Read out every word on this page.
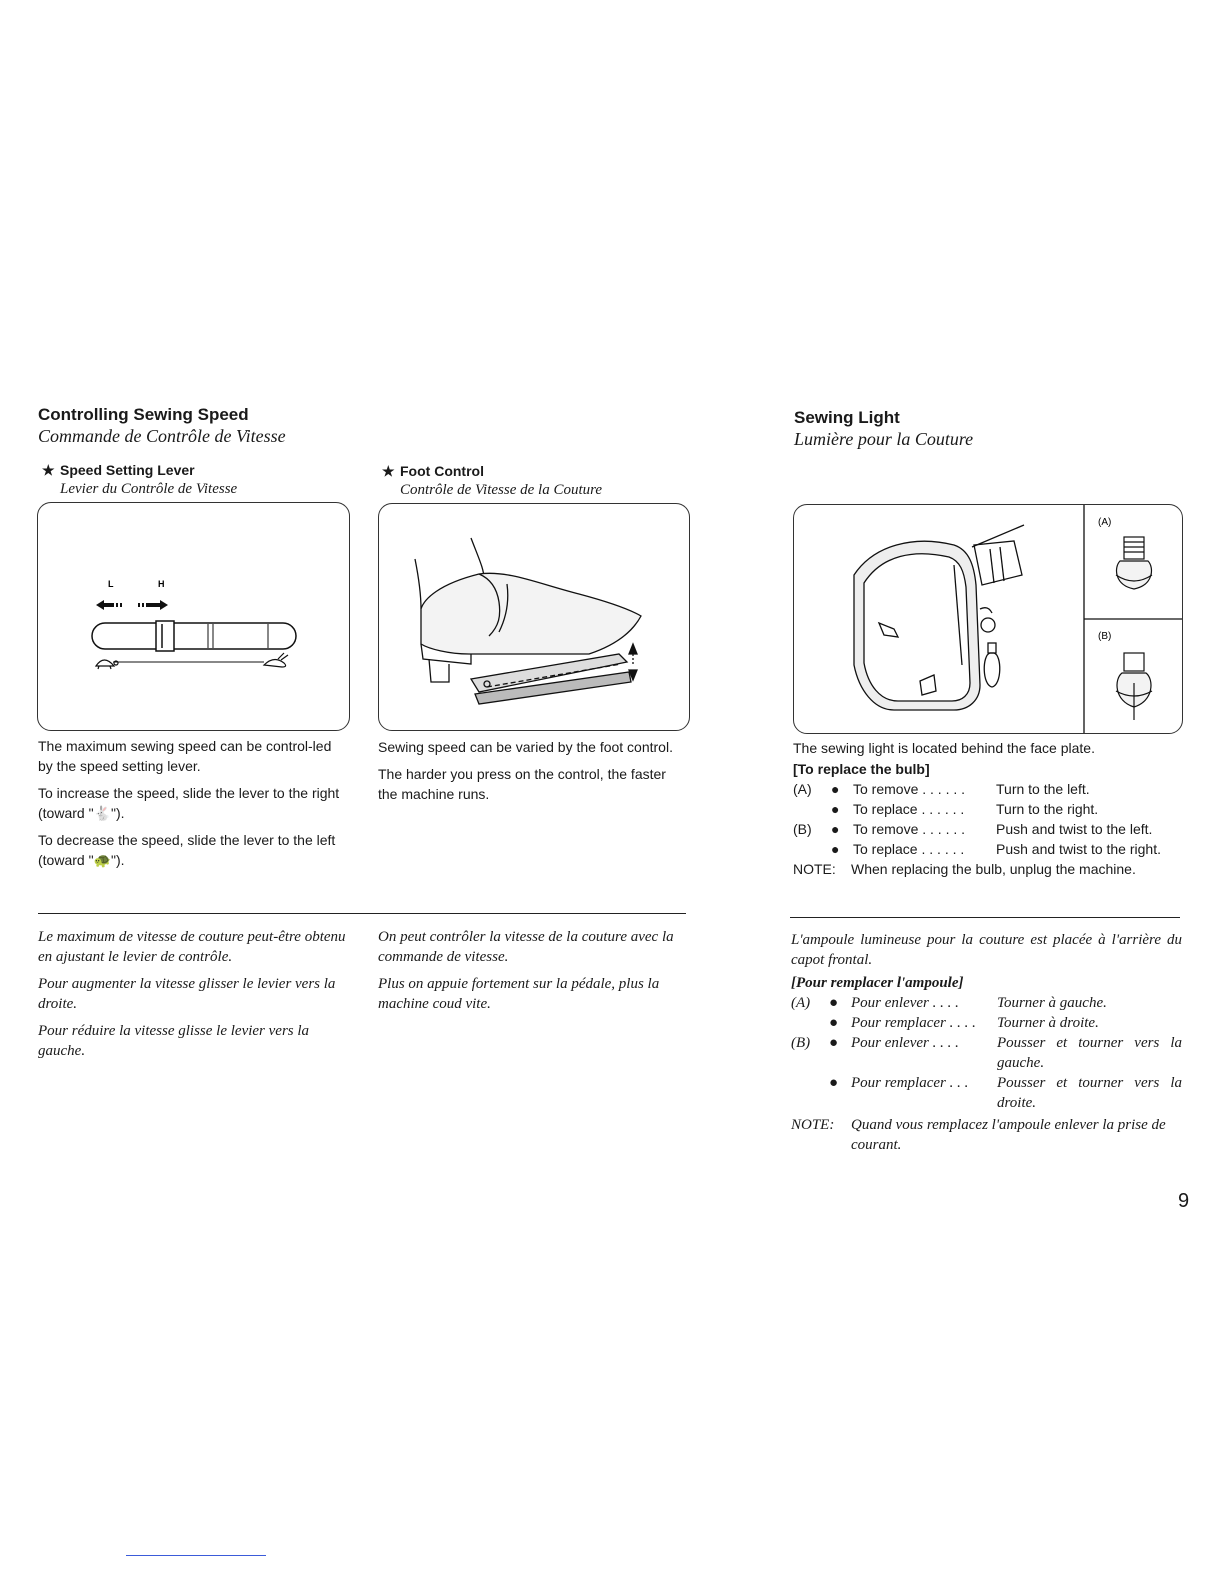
Controlling Sewing Speed
Commande de Contrôle de Vitesse
★ Speed Setting Lever
Levier du Contrôle de Vitesse
★ Foot Control
Contrôle de Vitesse de la Couture
L	H

The maximum sewing speed can be control-led by the speed setting lever.

To increase the speed, slide the lever to the right (toward "🐇").

To decrease the speed, slide the lever to the left (toward "🐢").

Sewing speed can be varied by the foot control.

The harder you press on the control, the faster the machine runs.

Le maximum de vitesse de couture peut-être obtenu en ajustant le levier de contrôle.

Pour augmenter la vitesse glisser le levier vers la droite.

Pour réduire la vitesse glisse le levier vers la gauche.

On peut contrôler la vitesse de la couture avec la commande de vitesse.

Plus on appuie fortement sur la pédale, plus la machine coud vite.

Sewing Light
Lumière pour la Couture
(A)
(B)
The sewing light is located behind the face plate.
[To replace the bulb]
(A)	● To remove . . . . . .	Turn to the left.
● To replace . . . . . .	Turn to the right.
(B)	● To remove . . . . . .	Push and twist to the left.
● To replace . . . . . .	Push and twist to the right.
NOTE:	When replacing the bulb, unplug the machine.
L'ampoule lumineuse pour la couture est placée à l'arrière du capot frontal.
[Pour remplacer l'ampoule]
(A)	● Pour enlever . . . .	Tourner à gauche.
● Pour remplacer . . . .	Tourner à droite.
(B)	● Pour enlever . . . .	Pousser et tourner vers la gauche.
● Pour remplacer . . .	Pousser et tourner vers la droite.
NOTE:	Quand vous remplacez l'ampoule enlever la prise de courant.
9
